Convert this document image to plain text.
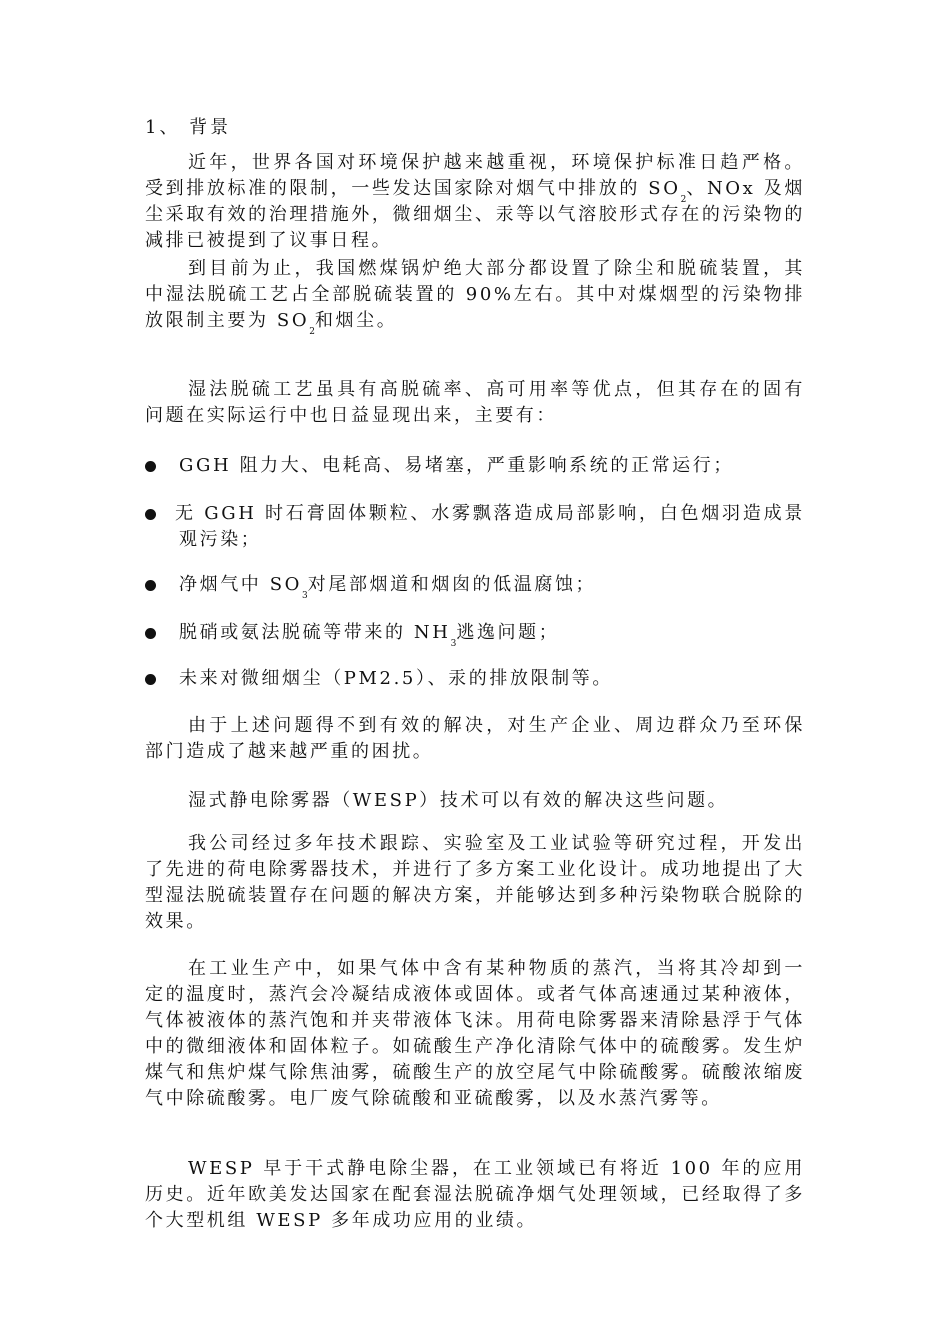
1、 背景

近年，世界各国对环境保护越来越重视，环境保护标准日趋严格。受到排放标准的限制，一些发达国家除对烟气中排放的 $SO_2$、NOx 及烟尘采取有效的治理措施外，微细烟尘、汞等以气溶胶形式存在的污染物的减排已被提到了议事日程。

到目前为止，我国燃煤锅炉绝大部分都设置了除尘和脱硫装置，其中湿法脱硫工艺占全部脱硫装置的 90%左右。其中对煤烟型的污染物排放限制主要为 $SO_2$和烟尘。

湿法脱硫工艺虽具有高脱硫率、高可用率等优点，但其存在的固有问题在实际运行中也日益显现出来，主要有：

GGH 阻力大、电耗高、易堵塞，严重影响系统的正常运行；
无 GGH 时石膏固体颗粒、水雾飘落造成局部影响，白色烟羽造成景观污染；
净烟气中 $SO_3$对尾部烟道和烟囱的低温腐蚀；
脱硝或氨法脱硫等带来的 $NH_3$逃逸问题；
未来对微细烟尘（PM2.5）、汞的排放限制等。

由于上述问题得不到有效的解决，对生产企业、周边群众乃至环保部门造成了越来越严重的困扰。

湿式静电除雾器（WESP）技术可以有效的解决这些问题。

我公司经过多年技术跟踪、实验室及工业试验等研究过程，开发出了先进的荷电除雾器技术，并进行了多方案工业化设计。成功地提出了大型湿法脱硫装置存在问题的解决方案，并能够达到多种污染物联合脱除的效果。

在工业生产中，如果气体中含有某种物质的蒸汽，当将其冷却到一定的温度时，蒸汽会冷凝结成液体或固体。或者气体高速通过某种液体，气体被液体的蒸汽饱和并夹带液体飞沫。用荷电除雾器来清除悬浮于气体中的微细液体和固体粒子。如硫酸生产净化清除气体中的硫酸雾。发生炉煤气和焦炉煤气除焦油雾，硫酸生产的放空尾气中除硫酸雾。硫酸浓缩废气中除硫酸雾。电厂废气除硫酸和亚硫酸雾，以及水蒸汽雾等。

WESP 早于干式静电除尘器，在工业领域已有将近 100 年的应用历史。近年欧美发达国家在配套湿法脱硫净烟气处理领域，已经取得了多个大型机组 WESP 多年成功应用的业绩。
